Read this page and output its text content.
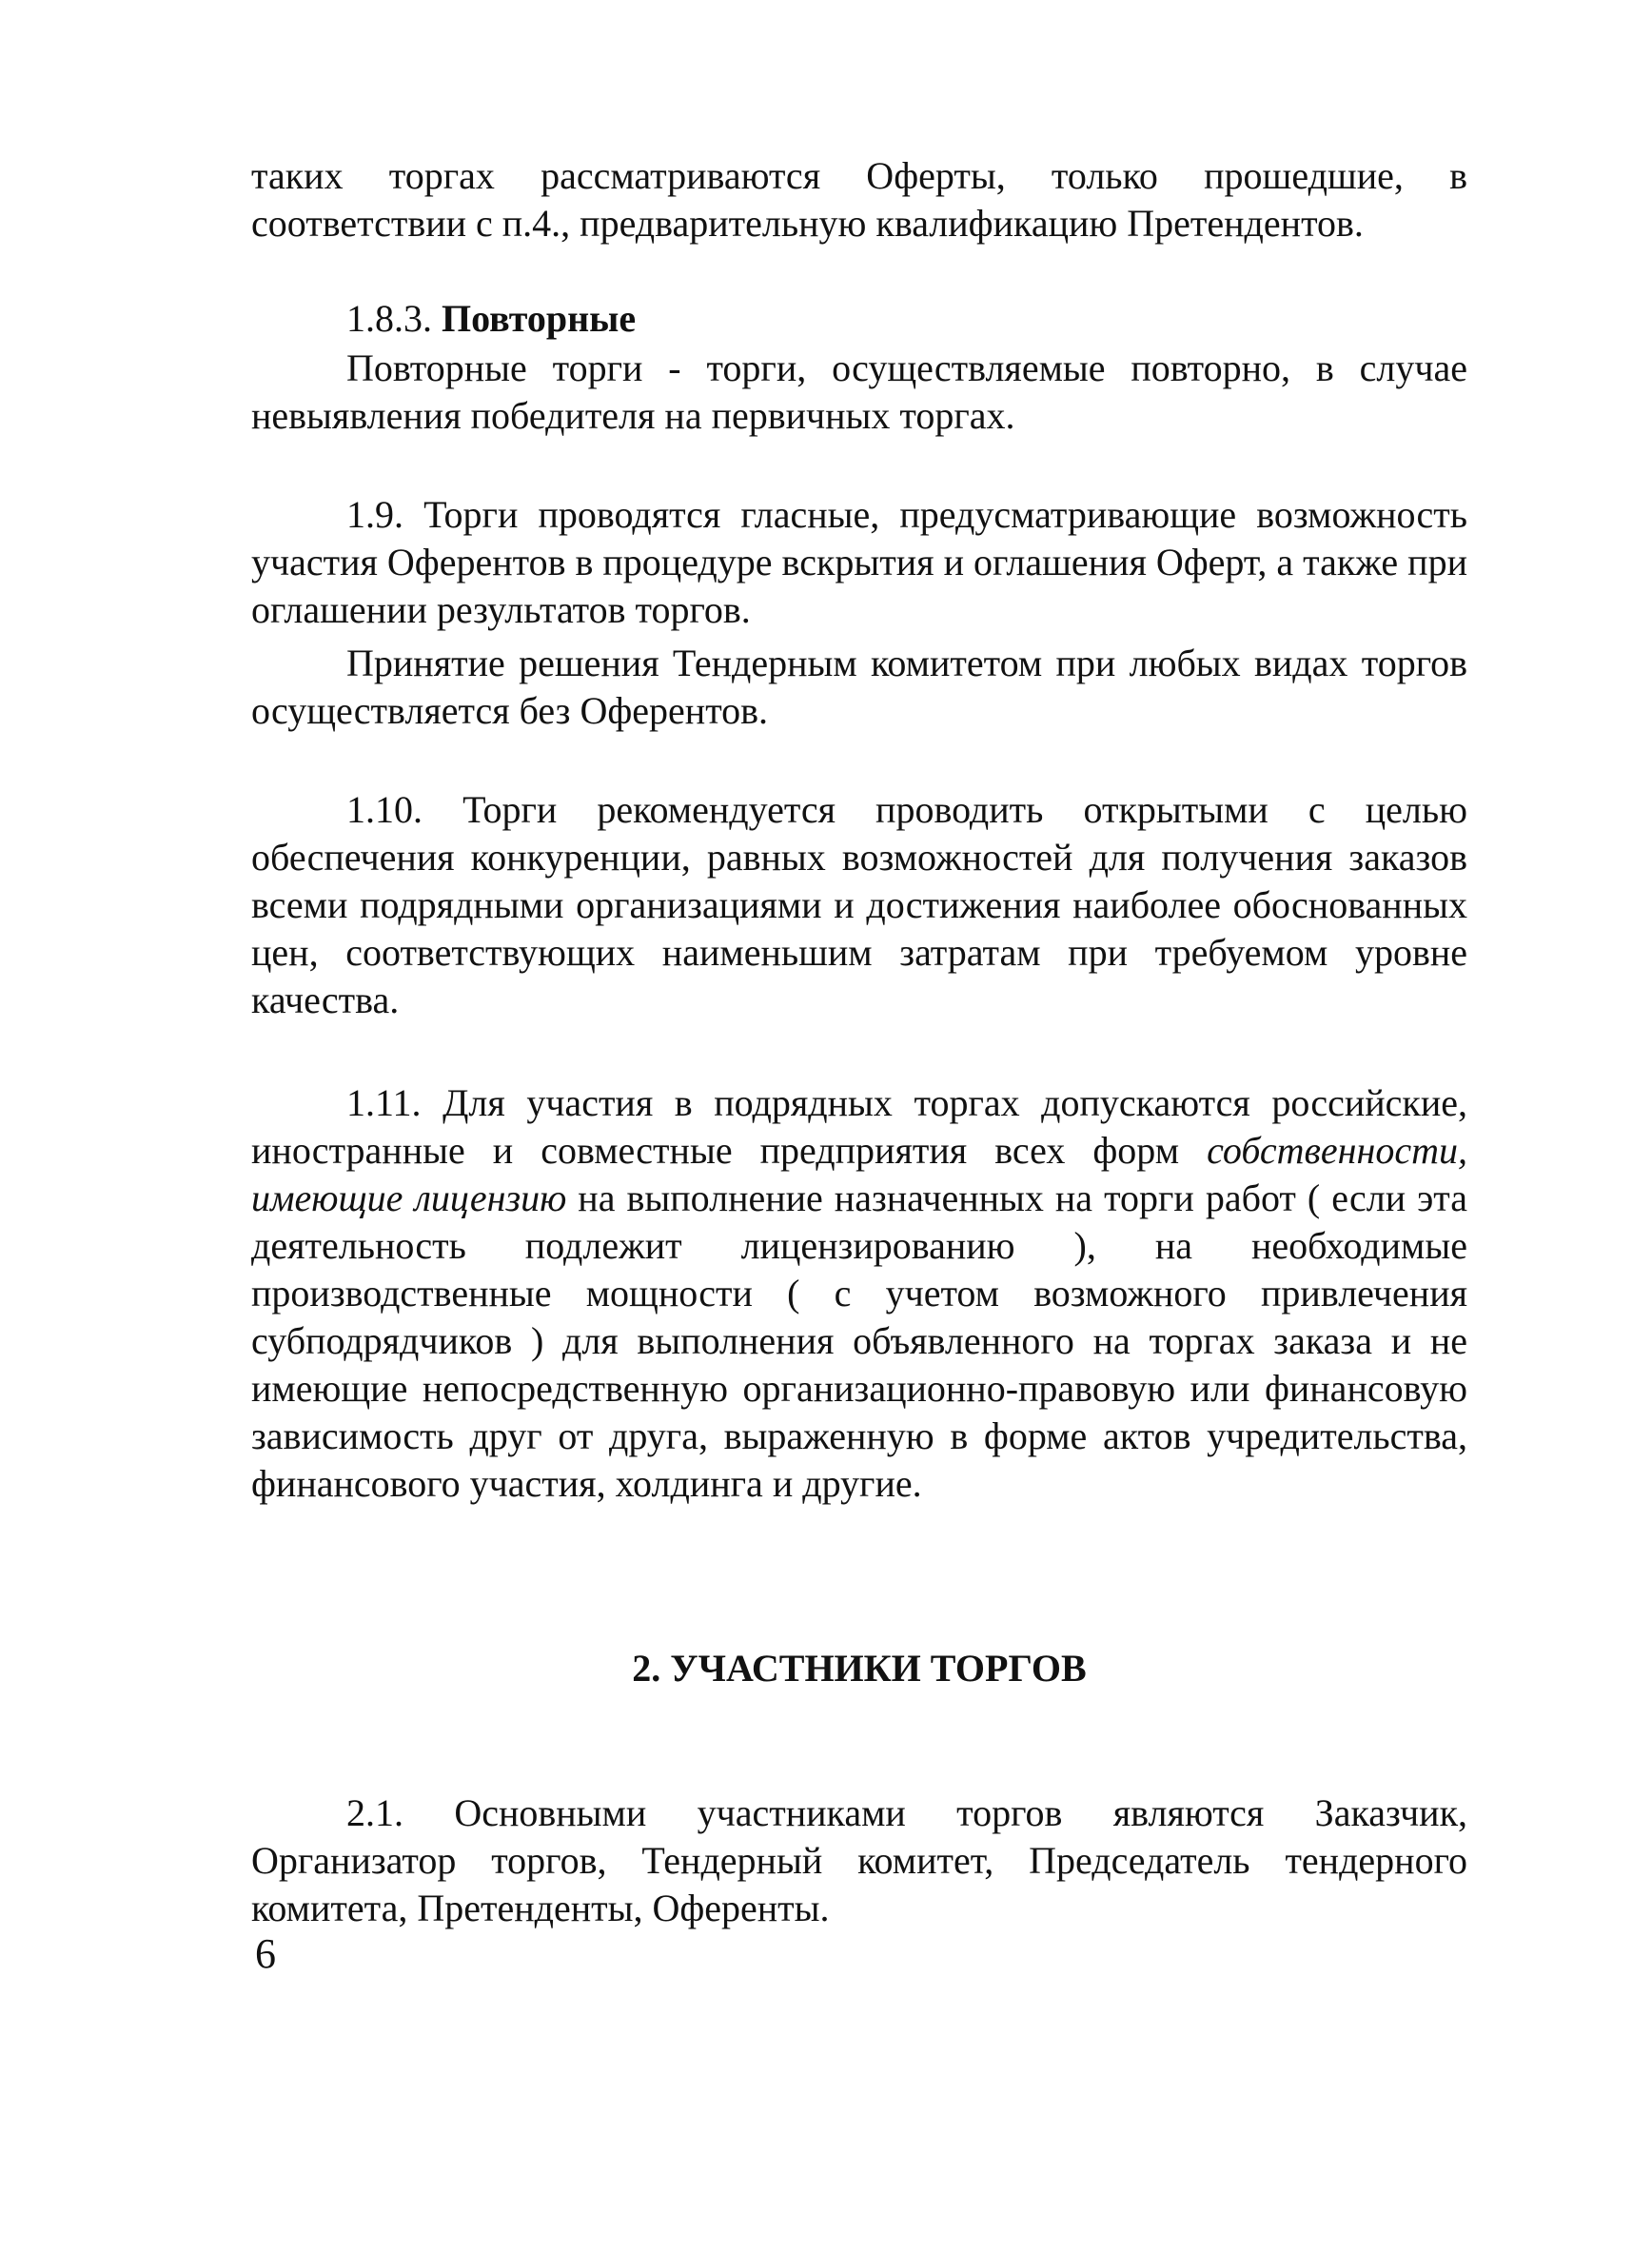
таких торгах рассматриваются Оферты, только прошедшие, в соответствии с п.4., предварительную квалификацию Претендентов.

1.8.3. Повторные

Повторные торги - торги, осуществляемые повторно, в случае невыявления победителя на первичных торгах.

1.9. Торги проводятся гласные, предусматривающие возможность участия Оферентов в процедуре вскрытия и оглашения Оферт, а также при оглашении результатов торгов.

Принятие решения Тендерным комитетом при любых видах торгов осуществляется без Оферентов.

1.10. Торги рекомендуется проводить открытыми с целью обеспечения конкуренции, равных возможностей для получения заказов всеми подрядными организациями и достижения наиболее обоснованных цен, соответствующих наименьшим затратам при требуемом уровне качества.

1.11. Для участия в подрядных торгах допускаются российские, иностранные и совместные предприятия всех форм собственности, имеющие лицензию на выполнение назначенных на торги работ ( если эта деятельность подлежит лицензированию ), на необходимые производственные мощности ( с учетом возможного привлечения субподрядчиков ) для выполнения объявленного на торгах заказа и не имеющие непосредственную организационно-правовую или финансовую зависимость друг от друга, выраженную в форме актов учредительства, финансового участия, холдинга и другие.

2. УЧАСТНИКИ ТОРГОВ

2.1. Основными участниками торгов являются Заказчик, Организатор торгов, Тендерный комитет, Председатель тендерного комитета, Претенденты, Оференты.

6
